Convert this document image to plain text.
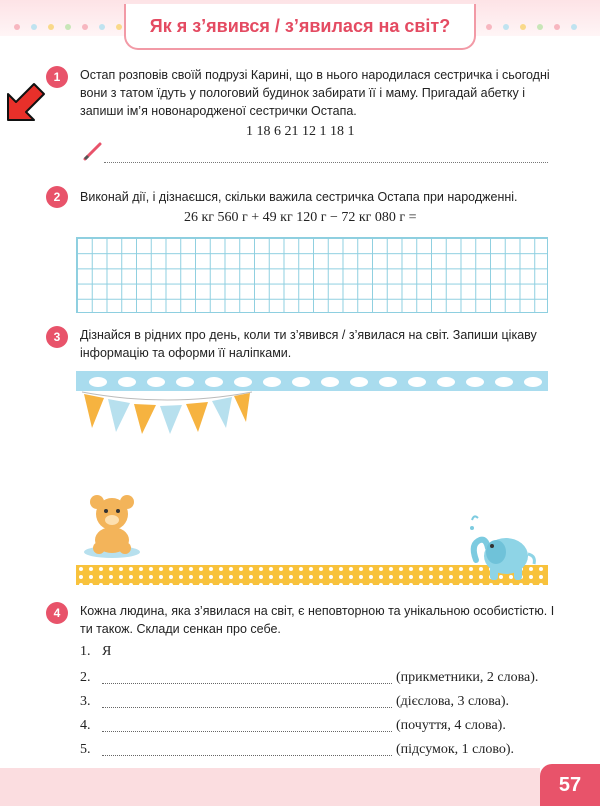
Як я з’явився / з’явилася на світ?
1	Остап розповів своїй подрузі Карині, що в нього народилася сестричка і сьогодні вони з татом їдуть у пологовий будинок забирати її і маму. Пригадай абетку і запиши ім’я новонародженої сестрички Остапа.
1 18 6 21 12 1 18 1
2	Виконай дії, і дізнаєшся, скільки важила сестричка Остапа при народженні.
26 кг 560 г + 49 кг 120 г − 72 кг 080 г =
3	Дізнайся в рідних про день, коли ти з’явився / з’явилася на світ. Запиши цікаву інформацію та оформи її наліпками.
4	Кожна людина, яка з’явилася на світ, є неповторною та унікальною особистістю. І ти також. Склади сенкан про себе.
1. Я
2.	(прикметники, 2 слова).
3.	(дієслова, 3 слова).
4.	(почуття, 4 слова).
5.	(підсумок, 1 слово).
57
